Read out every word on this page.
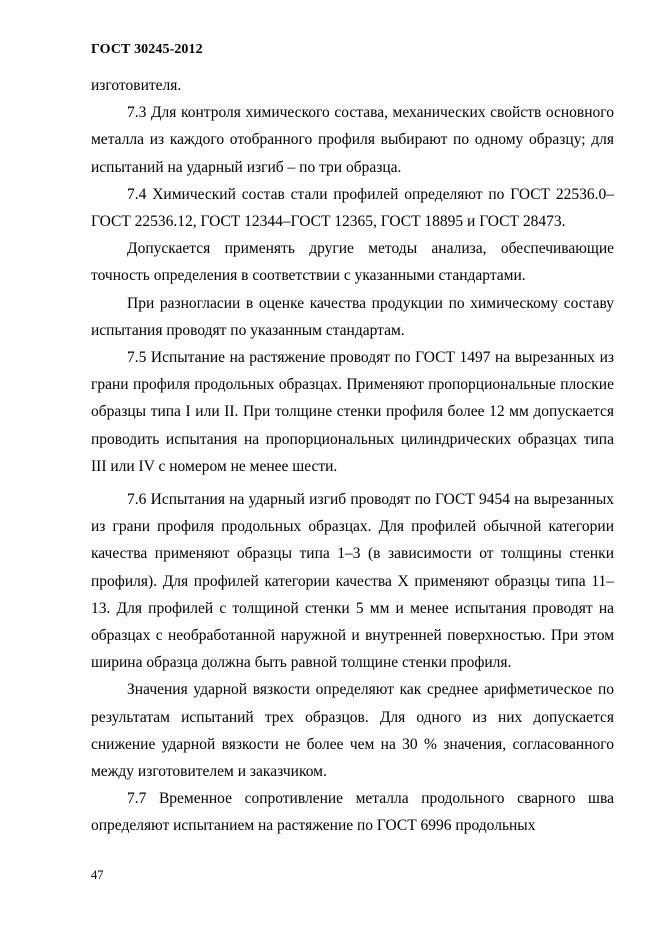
ГОСТ 30245-2012

изготовителя.

7.3 Для контроля химического состава, механических свойств основного металла из каждого отобранного профиля выбирают по одному образцу; для испытаний на ударный изгиб – по три образца.

7.4 Химический состав стали профилей определяют по ГОСТ 22536.0–ГОСТ 22536.12, ГОСТ 12344–ГОСТ 12365, ГОСТ 18895 и ГОСТ 28473.

Допускается применять другие методы анализа, обеспечивающие точность определения в соответствии с указанными стандартами.

При разногласии в оценке качества продукции по химическому составу испытания проводят по указанным стандартам.

7.5 Испытание на растяжение проводят по ГОСТ 1497 на вырезанных из грани профиля продольных образцах. Применяют пропорциональные плоские образцы типа I или II. При толщине стенки профиля более 12 мм допускается проводить испытания на пропорциональных цилиндрических образцах типа III или IV с номером не менее шести.

7.6 Испытания на ударный изгиб проводят по ГОСТ 9454 на вырезанных из грани профиля продольных образцах. Для профилей обычной категории качества применяют образцы типа 1–3 (в зависимости от толщины стенки профиля). Для профилей категории качества Х применяют образцы типа 11–13. Для профилей с толщиной стенки 5 мм и менее испытания проводят на образцах с необработанной наружной и внутренней поверхностью. При этом ширина образца должна быть равной толщине стенки профиля.

Значения ударной вязкости определяют как среднее арифметическое по результатам испытаний трех образцов. Для одного из них допускается снижение ударной вязкости не более чем на 30 % значения, согласованного между изготовителем и заказчиком.

7.7 Временное сопротивление металла продольного сварного шва определяют испытанием на растяжение по ГОСТ 6996 продольных

47
